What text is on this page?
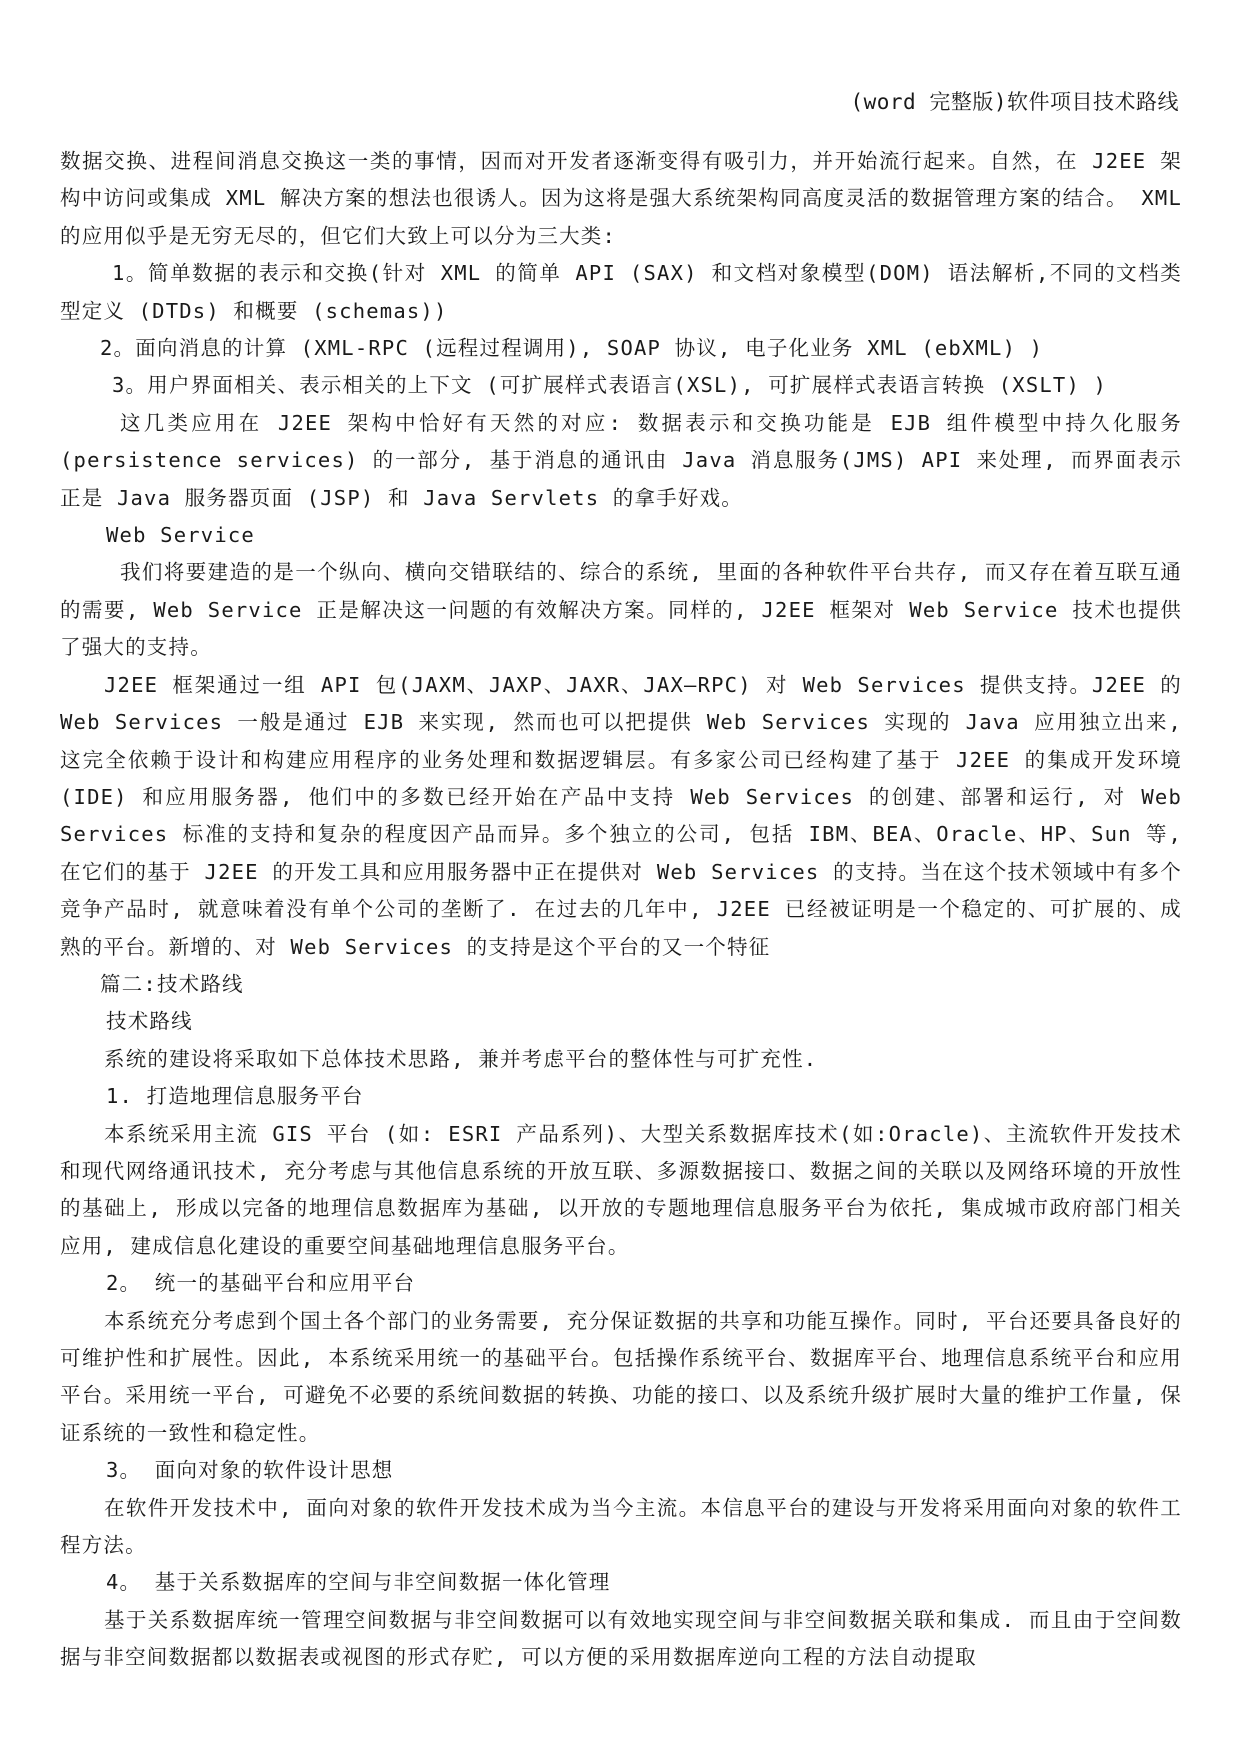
(word 完整版)软件项目技术路线

数据交换、进程间消息交换这一类的事情，因而对开发者逐渐变得有吸引力，并开始流行起来。自然，在 J2EE 架构中访问或集成 XML 解决方案的想法也很诱人。因为这将是强大系统架构同高度灵活的数据管理方案的结合。 XML 的应用似乎是无穷无尽的，但它们大致上可以分为三大类:

1。简单数据的表示和交换(针对 XML 的简单 API (SAX) 和文档对象模型(DOM) 语法解析,不同的文档类型定义 (DTDs) 和概要 (schemas))

2。面向消息的计算 (XML-RPC (远程过程调用), SOAP 协议, 电子化业务 XML (ebXML) )

3。用户界面相关、表示相关的上下文 (可扩展样式表语言(XSL), 可扩展样式表语言转换 (XSLT) )

这几类应用在 J2EE 架构中恰好有天然的对应: 数据表示和交换功能是 EJB 组件模型中持久化服务 (persistence services) 的一部分, 基于消息的通讯由 Java 消息服务(JMS) API 来处理, 而界面表示正是 Java 服务器页面 (JSP) 和 Java Servlets 的拿手好戏。

Web Service

我们将要建造的是一个纵向、横向交错联结的、综合的系统, 里面的各种软件平台共存, 而又存在着互联互通的需要, Web Service 正是解决这一问题的有效解决方案。同样的, J2EE 框架对 Web Service 技术也提供了强大的支持。

J2EE 框架通过一组 API 包(JAXM、JAXP、JAXR、JAX—RPC) 对 Web Services 提供支持。J2EE 的 Web Services 一般是通过 EJB 来实现, 然而也可以把提供 Web Services 实现的 Java 应用独立出来, 这完全依赖于设计和构建应用程序的业务处理和数据逻辑层。有多家公司已经构建了基于 J2EE 的集成开发环境 (IDE) 和应用服务器, 他们中的多数已经开始在产品中支持 Web Services 的创建、部署和运行, 对 Web Services 标准的支持和复杂的程度因产品而异。多个独立的公司, 包括 IBM、BEA、Oracle、HP、Sun 等, 在它们的基于 J2EE 的开发工具和应用服务器中正在提供对 Web Services 的支持。当在这个技术领域中有多个竞争产品时, 就意味着没有单个公司的垄断了. 在过去的几年中, J2EE 已经被证明是一个稳定的、可扩展的、成熟的平台。新增的、对 Web Services 的支持是这个平台的又一个特征

篇二:技术路线

技术路线

系统的建设将采取如下总体技术思路, 兼并考虑平台的整体性与可扩充性.

1. 打造地理信息服务平台

本系统采用主流 GIS 平台 (如: ESRI 产品系列)、大型关系数据库技术(如:Oracle)、主流软件开发技术和现代网络通讯技术, 充分考虑与其他信息系统的开放互联、多源数据接口、数据之间的关联以及网络环境的开放性的基础上, 形成以完备的地理信息数据库为基础, 以开放的专题地理信息服务平台为依托, 集成城市政府部门相关应用, 建成信息化建设的重要空间基础地理信息服务平台。

2。 统一的基础平台和应用平台

本系统充分考虑到个国土各个部门的业务需要, 充分保证数据的共享和功能互操作。同时, 平台还要具备良好的可维护性和扩展性。因此, 本系统采用统一的基础平台。包括操作系统平台、数据库平台、地理信息系统平台和应用平台。采用统一平台, 可避免不必要的系统间数据的转换、功能的接口、以及系统升级扩展时大量的维护工作量, 保证系统的一致性和稳定性。

3。 面向对象的软件设计思想

在软件开发技术中, 面向对象的软件开发技术成为当今主流。本信息平台的建设与开发将采用面向对象的软件工程方法。

4。 基于关系数据库的空间与非空间数据一体化管理

基于关系数据库统一管理空间数据与非空间数据可以有效地实现空间与非空间数据关联和集成. 而且由于空间数据与非空间数据都以数据表或视图的形式存贮, 可以方便的采用数据库逆向工程的方法自动提取
